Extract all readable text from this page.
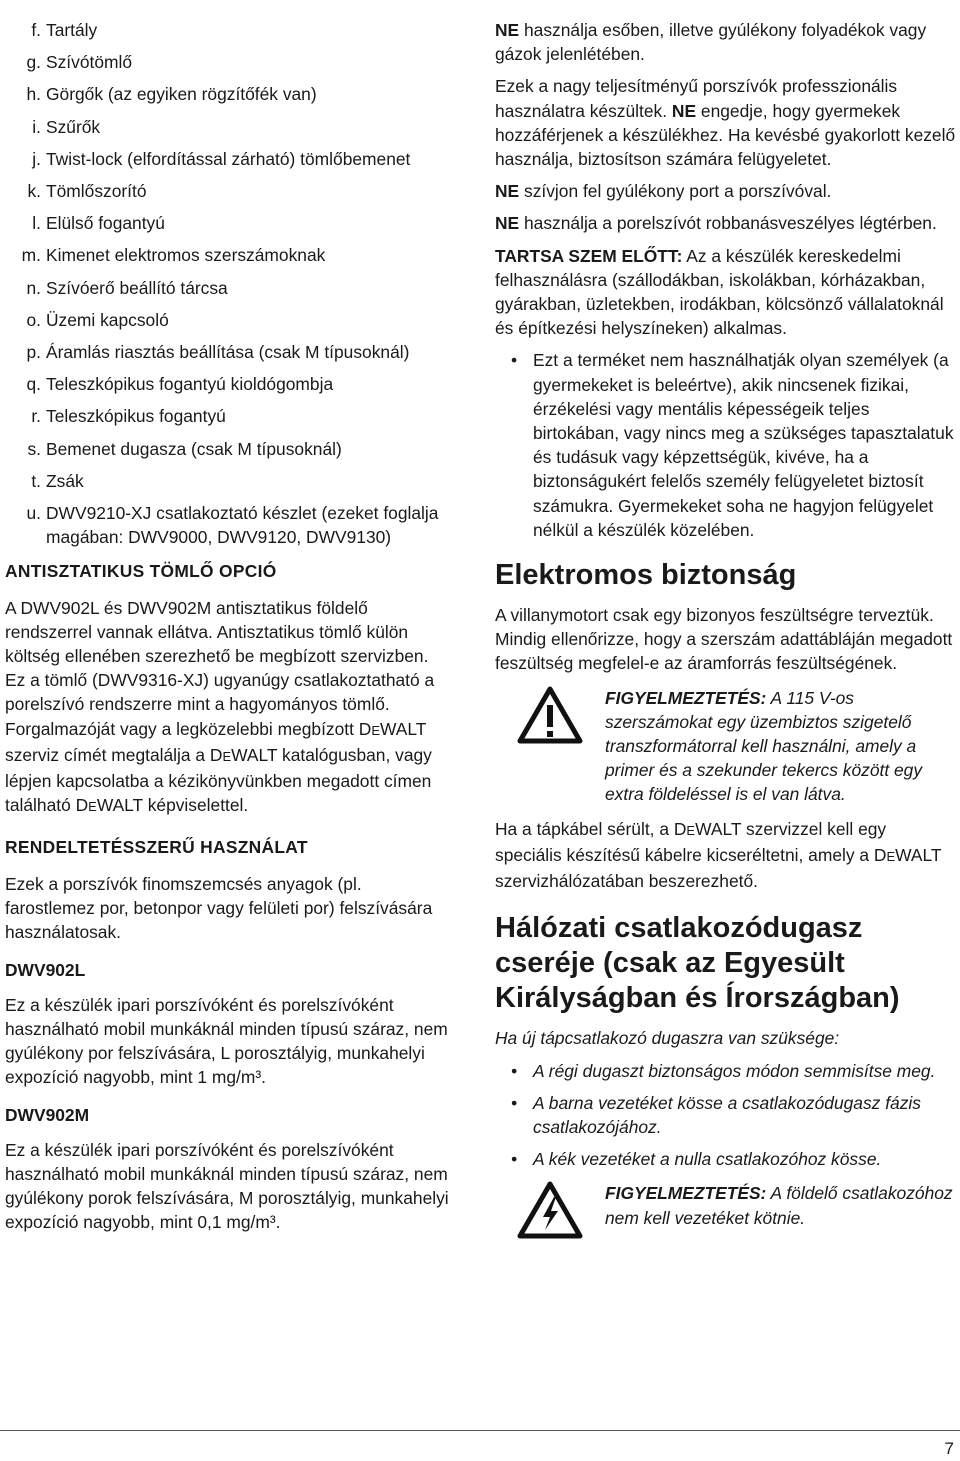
f. Tartály
g. Szívótömlő
h. Görgők (az egyiken rögzítőfék van)
i. Szűrők
j. Twist-lock (elfordítással zárható) tömlőbemenet
k. Tömlőszorító
l. Elülső fogantyú
m. Kimenet elektromos szerszámoknak
n. Szívóerő beállító tárcsa
o. Üzemi kapcsoló
p. Áramlás riasztás beállítása (csak M típusoknál)
q. Teleszkópikus fogantyú kioldógombja
r. Teleszkópikus fogantyú
s. Bemenet dugasza (csak M típusoknál)
t. Zsák
u. DWV9210-XJ csatlakoztató készlet (ezeket foglalja magában: DWV9000, DWV9120, DWV9130)

ANTISZTATIKUS TÖMLŐ OPCIÓ

A DWV902L és DWV902M antisztatikus földelő rendszerrel vannak ellátva. Antisztatikus tömlő külön költség ellenében szerezhető be megbízott szervizben. Ez a tömlő (DWV9316-XJ) ugyanúgy csatlakoztatható a porelszívó rendszerre mint a hagyományos tömlő. Forgalmazóját vagy a legközelebbi megbízott DEWALT szerviz címét megtalálja a DEWALT katalógusban, vagy lépjen kapcsolatba a kézikönyvünkben megadott címen található DEWALT képviselettel.

RENDELTETÉSSZERŰ HASZNÁLAT

Ezek a porszívók finomszemcsés anyagok (pl. farostlemez por, betonpor vagy felületi por) felszívására használatosak.

DWV902L

Ez a készülék ipari porszívóként és porelszívóként használható mobil munkáknál minden típusú száraz, nem gyúlékony por felszívására, L porosztályig, munkahelyi expozíció nagyobb, mint 1 mg/m³.

DWV902M

Ez a készülék ipari porszívóként és porelszívóként használható mobil munkáknál minden típusú száraz, nem gyúlékony porok felszívására, M porosztályig, munkahelyi expozíció nagyobb, mint 0,1 mg/m³.

NE használja esőben, illetve gyúlékony folyadékok vagy gázok jelenlétében.

Ezek a nagy teljesítményű porszívók professzionális használatra készültek. NE engedje, hogy gyermekek hozzáférjenek a készülékhez. Ha kevésbé gyakorlott kezelő használja, biztosítson számára felügyeletet.

NE szívjon fel gyúlékony port a porszívóval.

NE használja a porelszívót robbanásveszélyes légtérben.

TARTSA SZEM ELŐTT: Az a készülék kereskedelmi felhasználásra (szállodákban, iskolákban, kórházakban, gyárakban, üzletekben, irodákban, kölcsönző vállalatoknál és építkezési helyszíneken) alkalmas.

• Ezt a terméket nem használhatják olyan személyek (a gyermekeket is beleértve), akik nincsenek fizikai, érzékelési vagy mentális képességeik teljes birtokában, vagy nincs meg a szükséges tapasztalatuk és tudásuk vagy képzettségük, kivéve, ha a biztonságukért felelős személy felügyeletet biztosít számukra. Gyermekeket soha ne hagyjon felügyelet nélkül a készülék közelében.

Elektromos biztonság

A villanymotort csak egy bizonyos feszültségre terveztük. Mindig ellenőrizze, hogy a szerszám adattábláján megadott feszültség megfelel-e az áramforrás feszültségének.

FIGYELMEZTETÉS: A 115 V-os szerszámokat egy üzembiztos szigetelő transzformátorral kell használni, amely a primer és a szekunder tekercs között egy extra földeléssel is el van látva.

Ha a tápkábel sérült, a DEWALT szervizzel kell egy speciális készítésű kábelre kicseréltetni, amely a DEWALT szervizhálózatában beszerezhető.

Hálózati csatlakozódugasz cseréje (csak az Egyesült Királyságban és Írországban)

Ha új tápcsatlakozó dugaszra van szüksége:

• A régi dugaszt biztonságos módon semmisítse meg.
• A barna vezetéket kösse a csatlakozódugasz fázis csatlakozójához.
• A kék vezetéket a nulla csatlakozóhoz kösse.

FIGYELMEZTETÉS: A földelő csatlakozóhoz nem kell vezetéket kötnie.

7
